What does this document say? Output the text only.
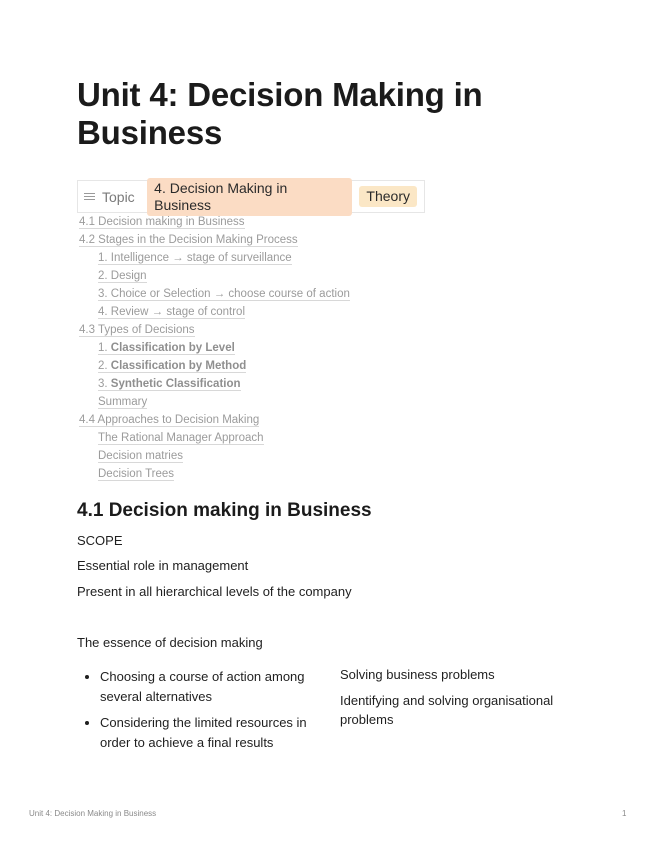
Unit 4: Decision Making in Business
Topic
4. Decision Making in Business
Theory
4.1 Decision making in Business
4.2 Stages in the Decision Making Process
1. Intelligence → stage of surveillance
2. Design
3. Choice or Selection → choose course of action
4. Review → stage of control
4.3 Types of Decisions
1. Classification by Level
2. Classification by Method
3. Synthetic Classification
Summary
4.4 Approaches to Decision Making
The Rational Manager Approach
Decision matries
Decision Trees
4.1 Decision making in Business
SCOPE
Essential role in management
Present in all hierarchical levels of the company
The essence of decision making
• Choosing a course of action among several alternatives
• Considering the limited resources in order to achieve a final results
Solving business problems
Identifying and solving organisational problems
Unit 4: Decision Making in Business	1
